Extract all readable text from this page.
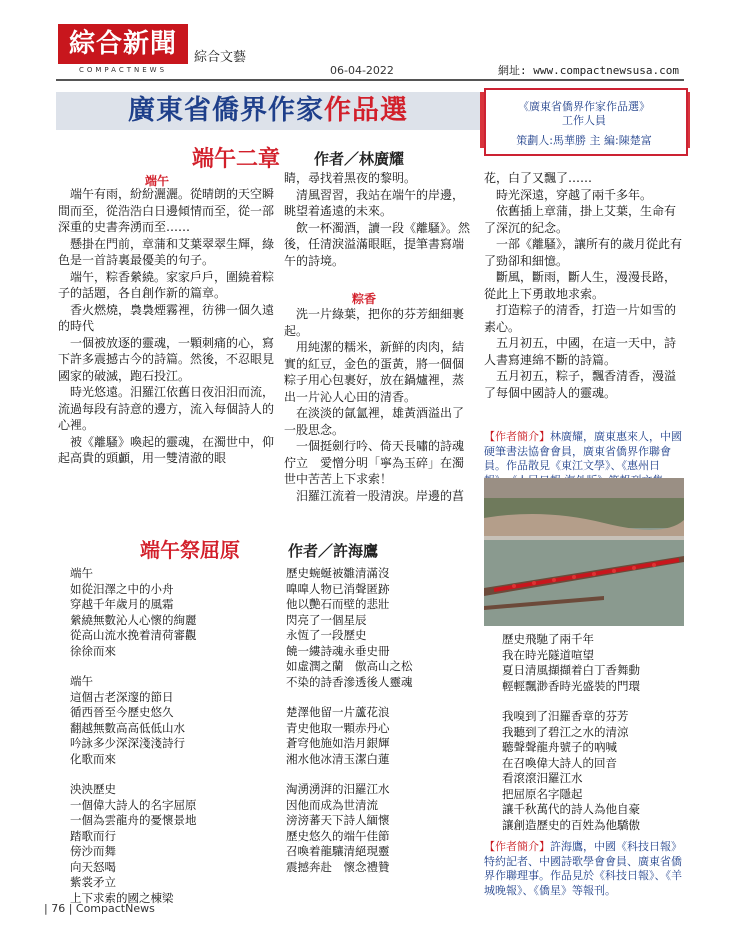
綜合新聞
COMPACTNEWS
綜合文藝
06-04-2022	網址: www.compactnewsusa.com
廣東省僑界作家作品選	《廣東省僑界作家作品選》
工作人員
策劃人:馬華勝 主 編:陳楚富
端午二章 作者／林廣耀
端午

　端午有雨，紛紛灑灑。從晴朗的天空瞬間而至，從浩浩白日邊傾情而至，從一部深重的史書奔湧而至……

　懸掛在門前，章蒲和艾葉翠翠生輝，綠色是一首詩裏最優美的句子。

　端午，粽香縈繞。家家戶戶，圍繞着粽子的話題，各自創作新的篇章。

　香火燃燒，裊裊煙霧裡，彷彿一個久遠的時代

　一個被放逐的靈魂，一顆刺痛的心，寫下許多震撼古今的詩篇。然後，不忍眼見國家的破滅，跑石投江。

　時光悠遠。汨羅江依舊日夜汨汨而流，流過每段有詩意的邊方，流入每個詩人的心裡。

　被《離騷》喚起的靈魂，在濁世中，仰起高貴的頭顱，用一雙清澈的眼

睛，尋找着黑夜的黎明。

　清風習習，我站在端午的岸邊，眺望着遙遠的未來。

　飲一杯濁酒，讀一段《離騷》。然後，任清淚溢滿眼眶，提筆書寫端午的詩境。

粽香

　洗一片綠葉，把你的芬芳細細裹起。

　用純潔的糯米，新鮮的肉肉，結實的紅豆，金色的蛋黃，將一個個粽子用心包裹好，放在鍋爐裡，蒸出一片沁人心田的清香。

　在淡淡的氤氳裡，雄黃酒溢出了一股思念。

　一個挺劍行吟、倚天長嘯的詩魂佇立　愛憎分明「寧為玉碎」在濁世中苦苦上下求索！

　汨羅江流着一股清淚。岸邊的菖

花，白了又飄了……

　時光深遠，穿越了兩千多年。

　依舊插上章蒲，掛上艾葉，生命有了深沉的紀念。

　一部《離騷》，讓所有的歲月從此有了勁卻和細憶。

　斷風，斷雨，斷人生，漫漫長路，從此上下勇敢地求索。

　打造粽子的清香，打造一片如雪的素心。

　五月初五，中國，在這一天中，詩人書寫連綿不斷的詩篇。

　五月初五，粽子，飄香清香，漫溢了每個中國詩人的靈魂。

【作者簡介】林廣耀，廣東惠來人，中國硬筆書法協會會員，廣東省僑界作聯會員。作品散見《東江文學》、《惠州日
端午祭屈原	作者／許海鷹

端午

如從汨澤之中的小舟

穿越千年歲月的風霜

縈繞無數沁人心懷的絢麗

從高山流水挽着清荷審觀

徐徐而來

端午

這個古老深邃的節日

循西晉至今歷史悠久

翻越無數高高低低山水

吟詠多少深深淺淺詩行

化歌而來

泱泱歷史

一個偉大詩人的名字屈原

一個為雲龍舟的憂懷景地

踏歌而行

傍沙而舞

向天怒喝

紫裳矛立

上下求索的國之棟梁

歷史蜿蜒被雛清滿沒

嘷嘷人物已消聲匿跡

他以艷石而壁的悲壯

閃亮了一個星辰

永恆了一段歷史

饒一縷詩魂永垂史冊

如虛潤之蘭　傲高山之松

不染的詩香滲透後人靈魂

楚澤他留一片蘆花浪

青史他取一顆赤丹心

蒼穹他施如浩月銀輝

湘水他冰清玉潔白蓮

淘湧湧湃的汨羅江水

因他而成為世清流

滂滂蕃天下詩人緬懷

歷史悠久的端午佳節

召喚着龍驤清絕現靈

震撼奔赴　懷念禮贊

歷史飛馳了兩千年

我在時光隧道喧望

夏日清風擷擷着白丁香舞動

輕輕飄渺香時光盛裝的門環

我嗅到了汨羅香章的芬芳

我聽到了碧江之水的清涼

聽聲聲龍舟號子的吶喊

在召喚偉大詩人的回音

看滾滾汨羅江水

把屈原名字隱起

讓千秋萬代的詩人為他自豪

讓創造歷史的百姓為他驕傲

【作者簡介】許海鷹，中國《科技日報》特約記者、中國詩歌學會會員、廣東省僑界作聯理事。作品見於《科技日報》、《羊城晚報》、《僑星》等報刊。
| 76 | CompactNews
